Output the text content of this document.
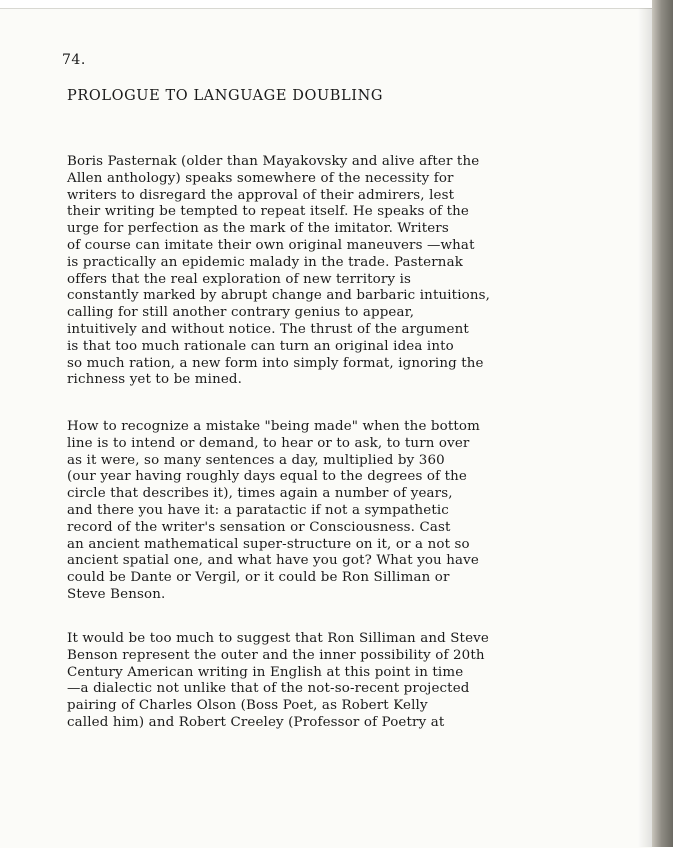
74.
PROLOGUE TO LANGUAGE DOUBLING
Boris Pasternak (older than Mayakovsky and alive after the
Allen anthology) speaks somewhere of the necessity for
writers to disregard the approval of their admirers, lest
their writing be tempted to repeat itself. He speaks of the
urge for perfection as the mark of the imitator. Writers
of course can imitate their own original maneuvers —what
is practically an epidemic malady in the trade. Pasternak
offers that the real exploration of new territory is
constantly marked by abrupt change and barbaric intuitions,
calling for still another contrary genius to appear,
intuitively and without notice. The thrust of the argument
is that too much rationale can turn an original idea into
so much ration, a new form into simply format, ignoring the
richness yet to be mined.
How to recognize a mistake "being made" when the bottom
line is to intend or demand, to hear or to ask, to turn over
as it were, so many sentences a day, multiplied by 360
(our year having roughly days equal to the degrees of the
circle that describes it), times again a number of years,
and there you have it: a paratactic if not a sympathetic
record of the writer's sensation or Consciousness. Cast
an ancient mathematical super-structure on it, or a not so
ancient spatial one, and what have you got? What you have
could be Dante or Vergil, or it could be Ron Silliman or
Steve Benson.
It would be too much to suggest that Ron Silliman and Steve
Benson represent the outer and the inner possibility of 20th
Century American writing in English at this point in time
—a dialectic not unlike that of the not-so-recent projected
pairing of Charles Olson (Boss Poet, as Robert Kelly
called him) and Robert Creeley (Professor of Poetry at
